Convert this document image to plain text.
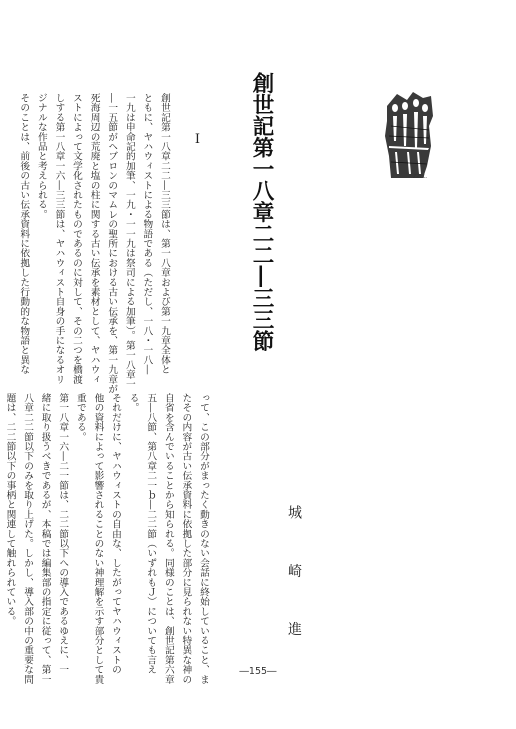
ZZEL.
創世記第一八章二二―三三節
I

創世記第一八章二二―三三節は、第一八章および第一九章全体と

ともに、ヤハウィストによる物語である（ただし、一八・一八―

一九は申命記的加筆、一九・一一九は祭司による加筆）。第一八章一

―一五節がヘブロンのマムレの聖所における古い伝承を、第一九章が

死海周辺の荒廃と塩の柱に関する古い伝承を素材として、ヤハウィ

ストによって文学化されたものであるのに対して、その二つを橋渡

しする第一八章一六―三三節は、ヤハウィスト自身の手になるオリ

ジナルな作品と考えられる。

そのことは、前後の古い伝承資料に依拠した行動的な物語と異な

城 崎 進

って、この部分がまったく動きのない会話に終始していること、ま

たその内容が古い伝承資料に依拠した部分に見られない特異な神の

自省を含んでいることから知られる。同様のことは、創世記第六章

五―八節、第八章二一ｂ―二二節（いずれもＪ）についても言え

る。

それだけに、ヤハウィストの自由な、したがってヤハウィストの

他の資料によって影響されることのない神理解を示す部分として貴

重である。

第一八章一六―二一節は、二二節以下への導入であるゆえに、一

緒に取り扱うべきであるが、本稿では編集部の指定に従って、第一

八章二二節以下のみを取り上げた。しかし、導入部の中の重要な問

題は、二二節以下の事柄と関連して触れられている。

―155―
